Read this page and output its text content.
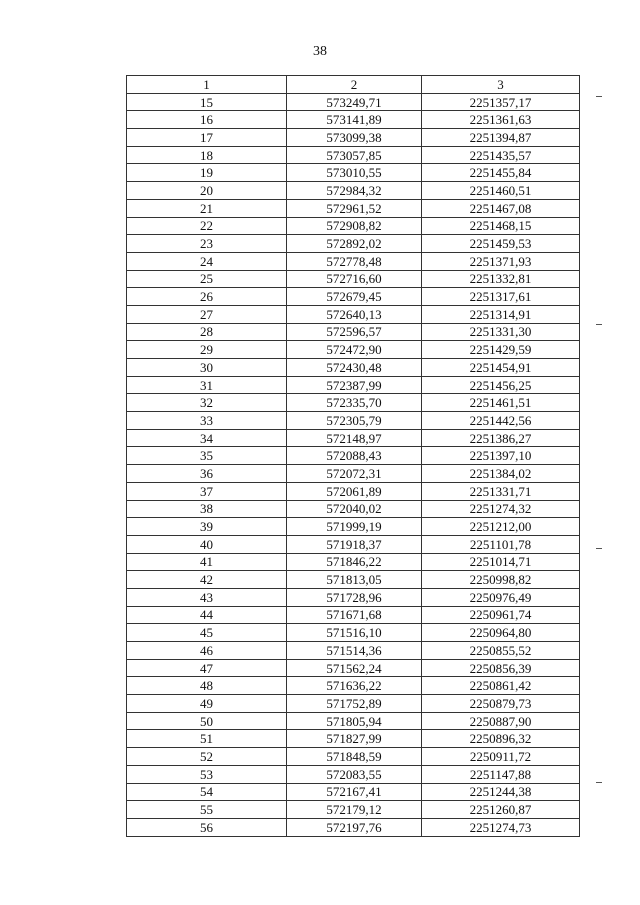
38
1	2	3
15	573249,71	2251357,17
16	573141,89	2251361,63
17	573099,38	2251394,87
18	573057,85	2251435,57
19	573010,55	2251455,84
20	572984,32	2251460,51
21	572961,52	2251467,08
22	572908,82	2251468,15
23	572892,02	2251459,53
24	572778,48	2251371,93
25	572716,60	2251332,81
26	572679,45	2251317,61
27	572640,13	2251314,91
28	572596,57	2251331,30
29	572472,90	2251429,59
30	572430,48	2251454,91
31	572387,99	2251456,25
32	572335,70	2251461,51
33	572305,79	2251442,56
34	572148,97	2251386,27
35	572088,43	2251397,10
36	572072,31	2251384,02
37	572061,89	2251331,71
38	572040,02	2251274,32
39	571999,19	2251212,00
40	571918,37	2251101,78
41	571846,22	2251014,71
42	571813,05	2250998,82
43	571728,96	2250976,49
44	571671,68	2250961,74
45	571516,10	2250964,80
46	571514,36	2250855,52
47	571562,24	2250856,39
48	571636,22	2250861,42
49	571752,89	2250879,73
50	571805,94	2250887,90
51	571827,99	2250896,32
52	571848,59	2250911,72
53	572083,55	2251147,88
54	572167,41	2251244,38
55	572179,12	2251260,87
56	572197,76	2251274,73
